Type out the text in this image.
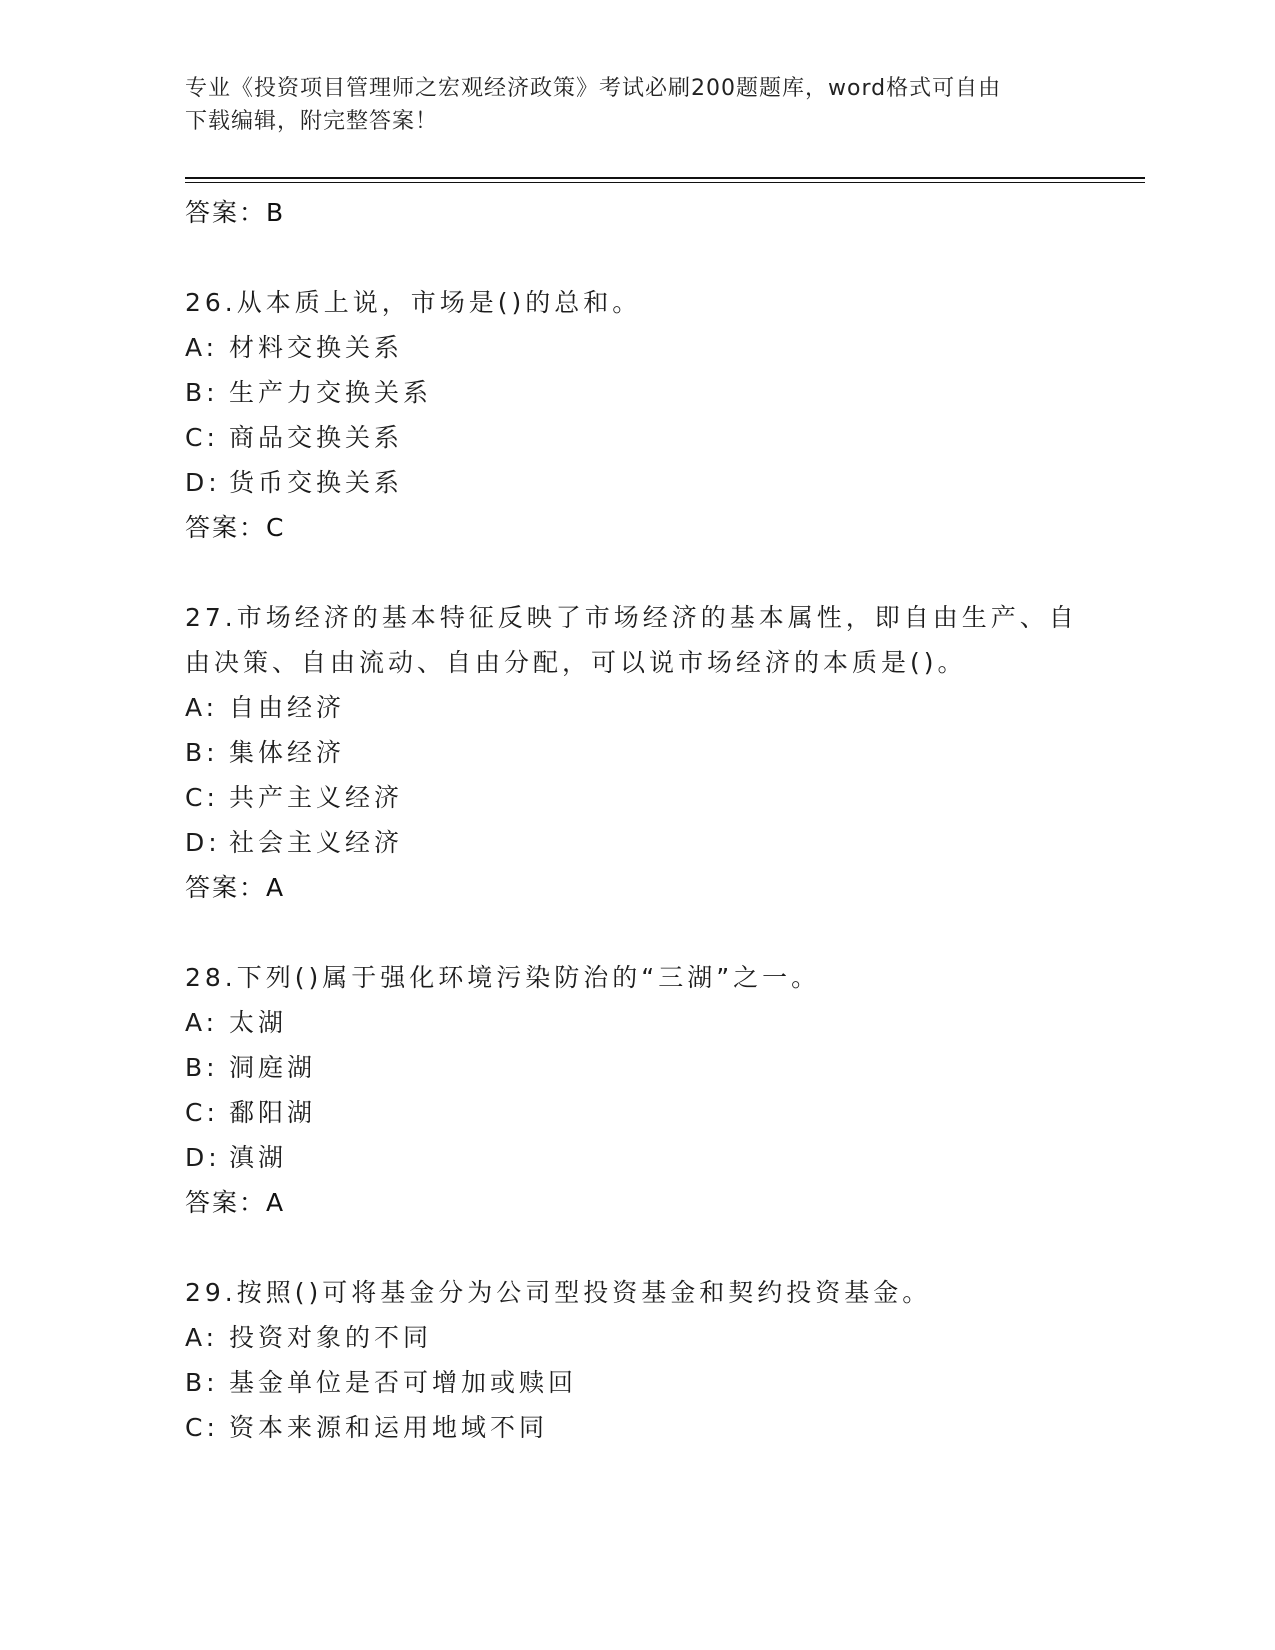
专业《投资项目管理师之宏观经济政策》考试必刷200题题库，word格式可自由
下载编辑，附完整答案！
答案：B
26.从本质上说，市场是()的总和。
A: 材料交换关系
B: 生产力交换关系
C: 商品交换关系
D: 货币交换关系
答案：C
27.市场经济的基本特征反映了市场经济的基本属性，即自由生产、自
由决策、自由流动、自由分配，可以说市场经济的本质是()。
A: 自由经济
B: 集体经济
C: 共产主义经济
D: 社会主义经济
答案：A
28.下列()属于强化环境污染防治的“三湖”之一。
A: 太湖
B: 洞庭湖
C: 鄱阳湖
D: 滇湖
答案：A
29.按照()可将基金分为公司型投资基金和契约投资基金。
A: 投资对象的不同
B: 基金单位是否可增加或赎回
C: 资本来源和运用地域不同
